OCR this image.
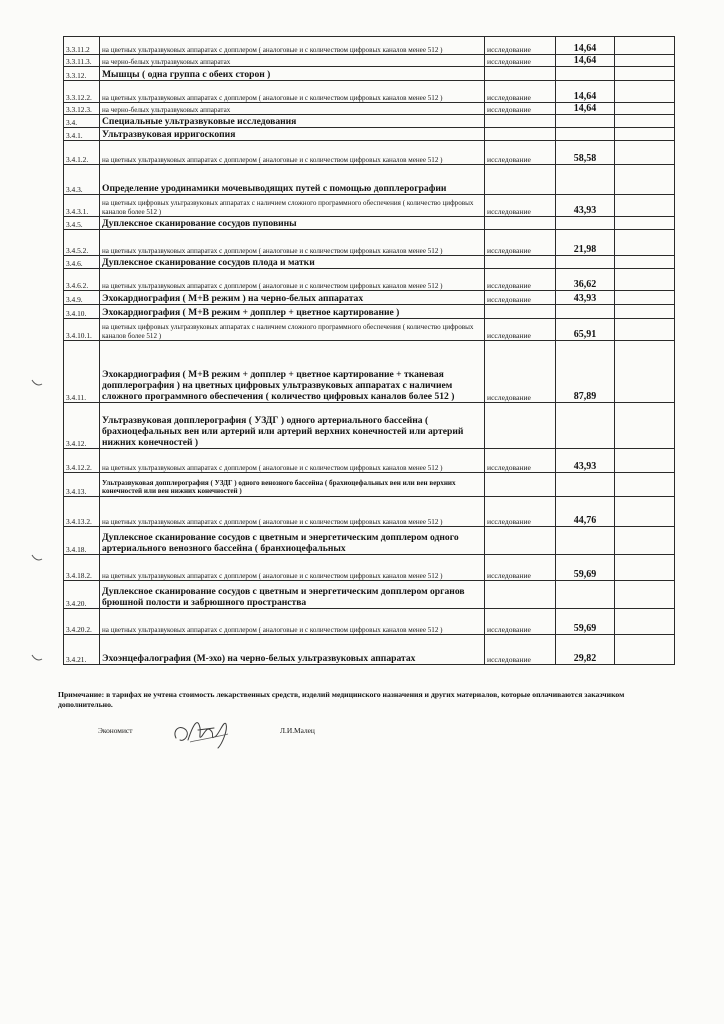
3.3.11.2	на цветных ультразвуковых аппаратах с допплером ( аналоговые и с количеством цифровых каналов менее 512 )	исследование	14,64	
3.3.11.3.	на черно-белых ультразвуковых аппаратах	исследование	14,64	
3.3.12.	Мышцы ( одна группа с обеих сторон )			
3.3.12.2.	на цветных ультразвуковых аппаратах с допплером ( аналоговые и с количеством цифровых каналов менее 512 )	исследование	14,64	
3.3.12.3.	на черно-белых ультразвуковых аппаратах	исследование	14,64	
3.4.	Специальные ультразвуковые исследования			
3.4.1.	Ультразвуковая ирригоскопия			
3.4.1.2.	на цветных ультразвуковых аппаратах с допплером ( аналоговые и с количеством цифровых каналов менее 512 )	исследование	58,58	
3.4.3.	Определение уродинамики мочевыводящих путей с помощью допплерографии			
3.4.3.1.	на цветных цифровых ультразвуковых аппаратах с наличием сложного программного обеспечения ( количество цифровых каналов более 512 )	исследование	43,93	
3.4.5.	Дуплексное сканирование сосудов пуповины			
3.4.5.2.	на цветных ультразвуковых аппаратах с допплером ( аналоговые и с количеством цифровых каналов менее 512 )	исследование	21,98	
3.4.6.	Дуплексное сканирование сосудов плода и матки			
3.4.6.2.	на цветных ультразвуковых аппаратах с допплером ( аналоговые и с количеством цифровых каналов менее 512 )	исследование	36,62	
3.4.9.	Эхокардиография ( М+В режим ) на черно-белых аппаратах	исследование	43,93	
3.4.10.	Эхокардиография ( М+В режим + допплер + цветное картирование )			
3.4.10.1.	на цветных цифровых ультразвуковых аппаратах с наличием сложного программного обеспечения ( количество цифровых каналов более 512 )	исследование	65,91	
3.4.11.	Эхокардиография ( М+В режим + допплер + цветное картирование + тканевая допплерография ) на цветных цифровых ультразвуковых аппаратах с наличием сложного программного обеспечения ( количество цифровых каналов более 512 )	исследование	87,89	
3.4.12.	Ультразвуковая допплерография ( УЗДГ ) одного артериального бассейна ( брахиоцефальных вен или артерий или артерий верхних конечностей или артерий нижних конечностей )			
3.4.12.2.	на цветных ультразвуковых аппаратах с допплером ( аналоговые и с количеством цифровых каналов менее 512 )	исследование	43,93	
3.4.13.	Ультразвуковая допплерография ( УЗДГ ) одного венозного бассейна ( брахиоцефальных вен или вен верхних конечностей или вен нижних конечностей )			
3.4.13.2.	на цветных ультразвуковых аппаратах с допплером ( аналоговые и с количеством цифровых каналов менее 512 )	исследование	44,76	
3.4.18.	Дуплексное сканирование сосудов с цветным и энергетическим допплером одного артериального венозного бассейна ( бранхиоцефальных			
3.4.18.2.	на цветных ультразвуковых аппаратах с допплером ( аналоговые и с количеством цифровых каналов менее 512 )	исследование	59,69	
3.4.20.	Дуплексное сканирование сосудов с цветным и энергетическим допплером органов брюшной полости и забрюшного пространства			
3.4.20.2.	на цветных ультразвуковых аппаратах с допплером ( аналоговые и с количеством цифровых каналов менее 512 )	исследование	59,69	
3.4.21.	Эхоэнцефалография (М-эхо) на черно-белых ультразвуковых аппаратах	исследование	29,82	
Примечание: в тарифах не учтена стоимость лекарственных средств, изделий медицинского назначения и других материалов, которые оплачиваются заказчиком дополнительно.
Экономист	Л.И.Малец
